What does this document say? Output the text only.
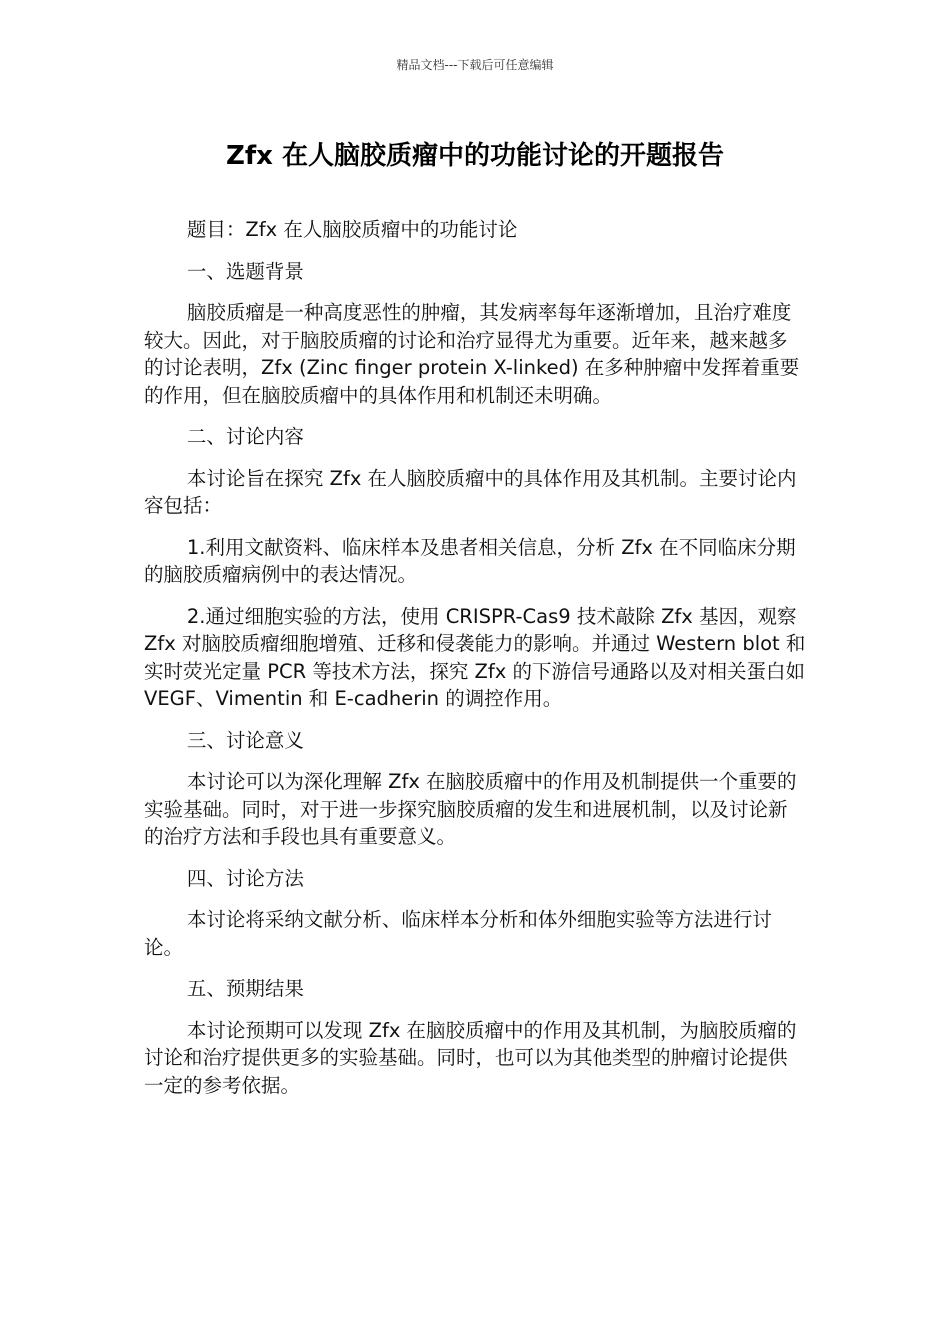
精品文档---下载后可任意编辑
Zfx 在人脑胶质瘤中的功能讨论的开题报告

题目：Zfx 在人脑胶质瘤中的功能讨论

一、选题背景

脑胶质瘤是一种高度恶性的肿瘤，其发病率每年逐渐增加，且治疗难度较大。因此，对于脑胶质瘤的讨论和治疗显得尤为重要。近年来，越来越多的讨论表明，Zfx (Zinc finger protein X-linked) 在多种肿瘤中发挥着重要的作用，但在脑胶质瘤中的具体作用和机制还未明确。

二、讨论内容

本讨论旨在探究 Zfx 在人脑胶质瘤中的具体作用及其机制。主要讨论内容包括：

1.利用文献资料、临床样本及患者相关信息，分析 Zfx 在不同临床分期的脑胶质瘤病例中的表达情况。

2.通过细胞实验的方法，使用 CRISPR-Cas9 技术敲除 Zfx 基因，观察 Zfx 对脑胶质瘤细胞增殖、迁移和侵袭能力的影响。并通过 Western blot 和实时荧光定量 PCR 等技术方法，探究 Zfx 的下游信号通路以及对相关蛋白如 VEGF、Vimentin 和 E-cadherin 的调控作用。

三、讨论意义

本讨论可以为深化理解 Zfx 在脑胶质瘤中的作用及机制提供一个重要的实验基础。同时，对于进一步探究脑胶质瘤的发生和进展机制，以及讨论新的治疗方法和手段也具有重要意义。

四、讨论方法

本讨论将采纳文献分析、临床样本分析和体外细胞实验等方法进行讨论。

五、预期结果

本讨论预期可以发现 Zfx 在脑胶质瘤中的作用及其机制，为脑胶质瘤的讨论和治疗提供更多的实验基础。同时，也可以为其他类型的肿瘤讨论提供一定的参考依据。
